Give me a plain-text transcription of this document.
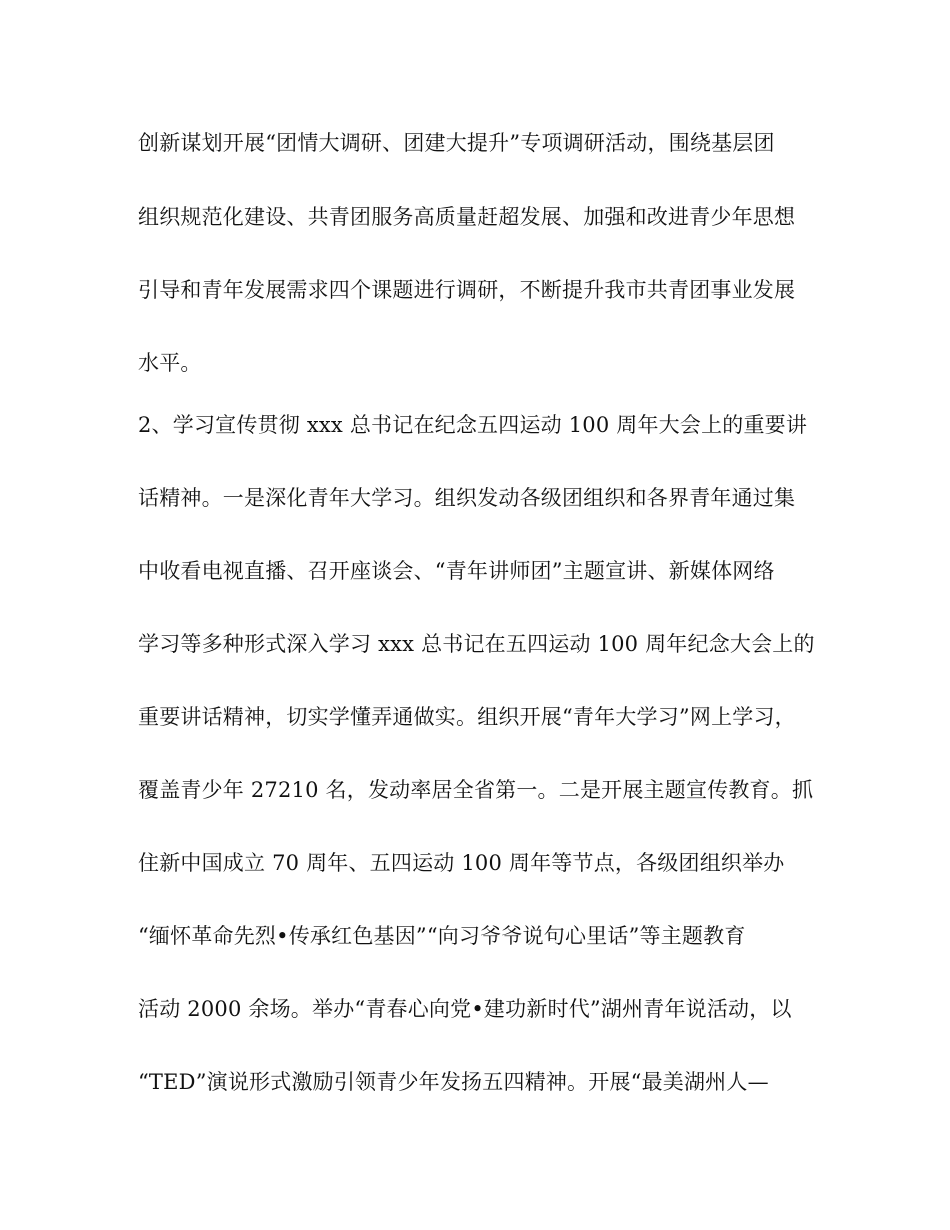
创新谋划开展“团情大调研、团建大提升”专项调研活动，围绕基层团
组织规范化建设、共青团服务高质量赶超发展、加强和改进青少年思想
引导和青年发展需求四个课题进行调研，不断提升我市共青团事业发展
水平。
2、学习宣传贯彻 xxx 总书记在纪念五四运动 100 周年大会上的重要讲
话精神。一是深化青年大学习。组织发动各级团组织和各界青年通过集
中收看电视直播、召开座谈会、“青年讲师团”主题宣讲、新媒体网络
学习等多种形式深入学习 xxx 总书记在五四运动 100 周年纪念大会上的
重要讲话精神，切实学懂弄通做实。组织开展“青年大学习”网上学习，
覆盖青少年 27210 名，发动率居全省第一。二是开展主题宣传教育。抓
住新中国成立 70 周年、五四运动 100 周年等节点，各级团组织举办
“缅怀革命先烈•传承红色基因”“向习爷爷说句心里话”等主题教育
活动 2000 余场。举办“青春心向党•建功新时代”湖州青年说活动，以
“TED”演说形式激励引领青少年发扬五四精神。开展“最美湖州人—
